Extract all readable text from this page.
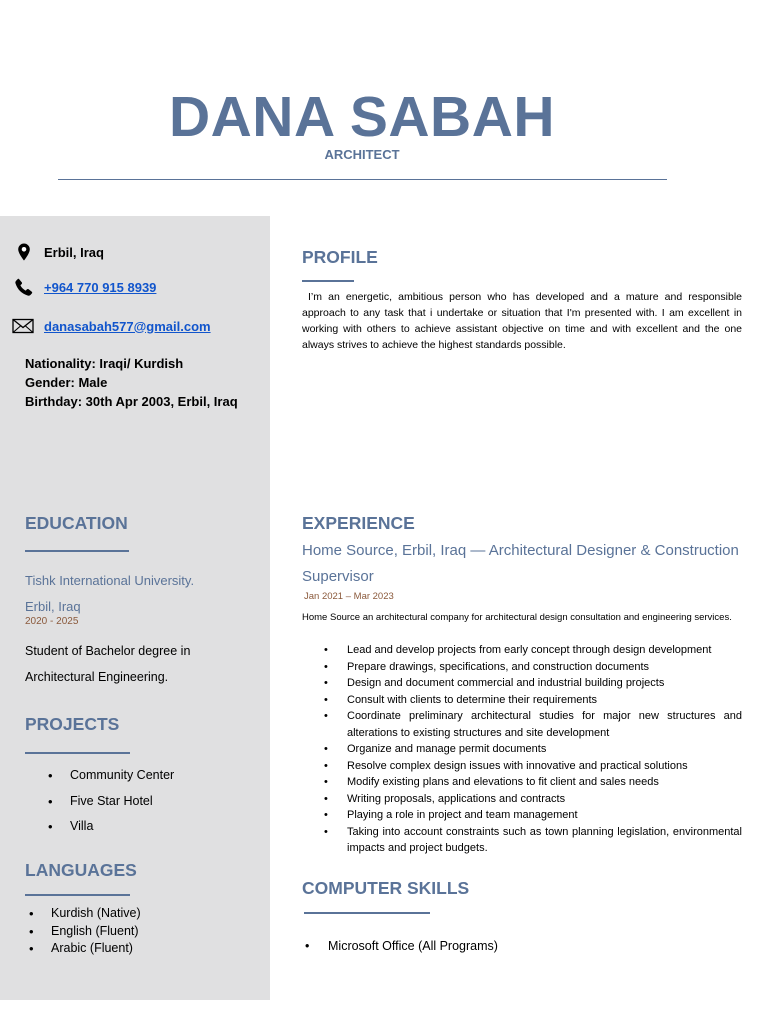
DANA SABAH
ARCHITECT
Erbil, Iraq
+964 770 915 8939
danasabah577@gmail.com
Nationality: Iraqi/ Kurdish
Gender: Male
Birthday: 30th Apr 2003, Erbil, Iraq
EDUCATION
Tishk International University.
Erbil, Iraq
2020 - 2025
Student of Bachelor degree in Architectural Engineering.
PROJECTS
• Community Center
• Five Star Hotel
• Villa
LANGUAGES
• Kurdish (Native)
• English (Fluent)
• Arabic (Fluent)
PROFILE
I’m an energetic, ambitious person who has developed and a mature and responsible approach to any task that i undertake or situation that I'm presented with. I am excellent in working with others to achieve assistant objective on time and with excellent and the one always strives to achieve the highest standards possible.
EXPERIENCE
Home Source, Erbil, Iraq — Architectural Designer & Construction Supervisor
Jan 2021 – Mar 2023
Home Source an architectural company for architectural design consultation and engineering services.
• Lead and develop projects from early concept through design development
• Prepare drawings, specifications, and construction documents
• Design and document commercial and industrial building projects
• Consult with clients to determine their requirements
• Coordinate preliminary architectural studies for major new structures and alterations to existing structures and site development
• Organize and manage permit documents
• Resolve complex design issues with innovative and practical solutions
• Modify existing plans and elevations to fit client and sales needs
• Writing proposals, applications and contracts
• Playing a role in project and team management
• Taking into account constraints such as town planning legislation, environmental impacts and project budgets.
COMPUTER SKILLS
• Microsoft Office (All Programs)
